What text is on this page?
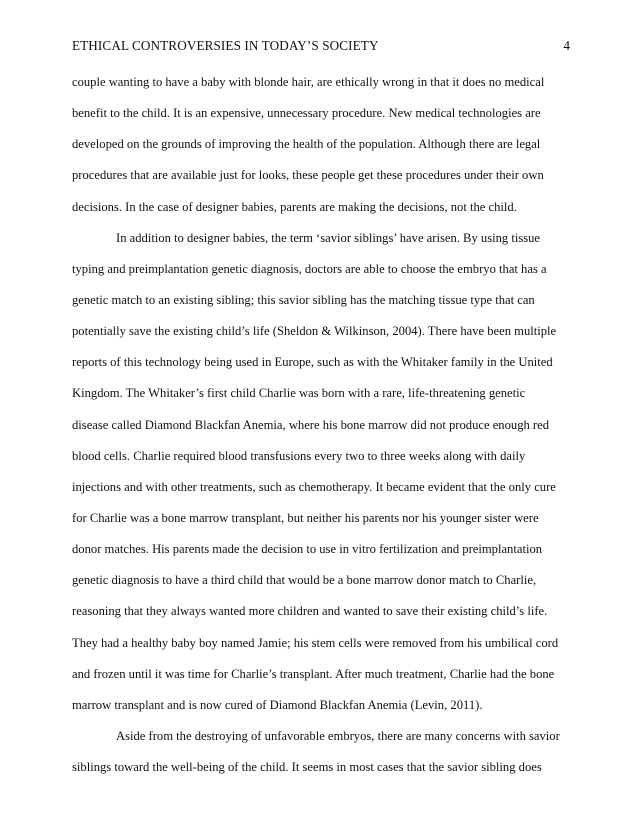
ETHICAL CONTROVERSIES IN TODAY’S SOCIETY	4
couple wanting to have a baby with blonde hair, are ethically wrong in that it does no medical
benefit to the child. It is an expensive, unnecessary procedure. New medical technologies are
developed on the grounds of improving the health of the population. Although there are legal
procedures that are available just for looks, these people get these procedures under their own
decisions. In the case of designer babies, parents are making the decisions, not the child.
In addition to designer babies, the term ‘savior siblings’ have arisen. By using tissue
typing and preimplantation genetic diagnosis, doctors are able to choose the embryo that has a
genetic match to an existing sibling; this savior sibling has the matching tissue type that can
potentially save the existing child’s life (Sheldon & Wilkinson, 2004). There have been multiple
reports of this technology being used in Europe, such as with the Whitaker family in the United
Kingdom. The Whitaker’s first child Charlie was born with a rare, life-threatening genetic
disease called Diamond Blackfan Anemia, where his bone marrow did not produce enough red
blood cells. Charlie required blood transfusions every two to three weeks along with daily
injections and with other treatments, such as chemotherapy. It became evident that the only cure
for Charlie was a bone marrow transplant, but neither his parents nor his younger sister were
donor matches. His parents made the decision to use in vitro fertilization and preimplantation
genetic diagnosis to have a third child that would be a bone marrow donor match to Charlie,
reasoning that they always wanted more children and wanted to save their existing child’s life.
They had a healthy baby boy named Jamie; his stem cells were removed from his umbilical cord
and frozen until it was time for Charlie’s transplant. After much treatment, Charlie had the bone
marrow transplant and is now cured of Diamond Blackfan Anemia (Levin, 2011).
Aside from the destroying of unfavorable embryos, there are many concerns with savior
siblings toward the well-being of the child. It seems in most cases that the savior sibling does
